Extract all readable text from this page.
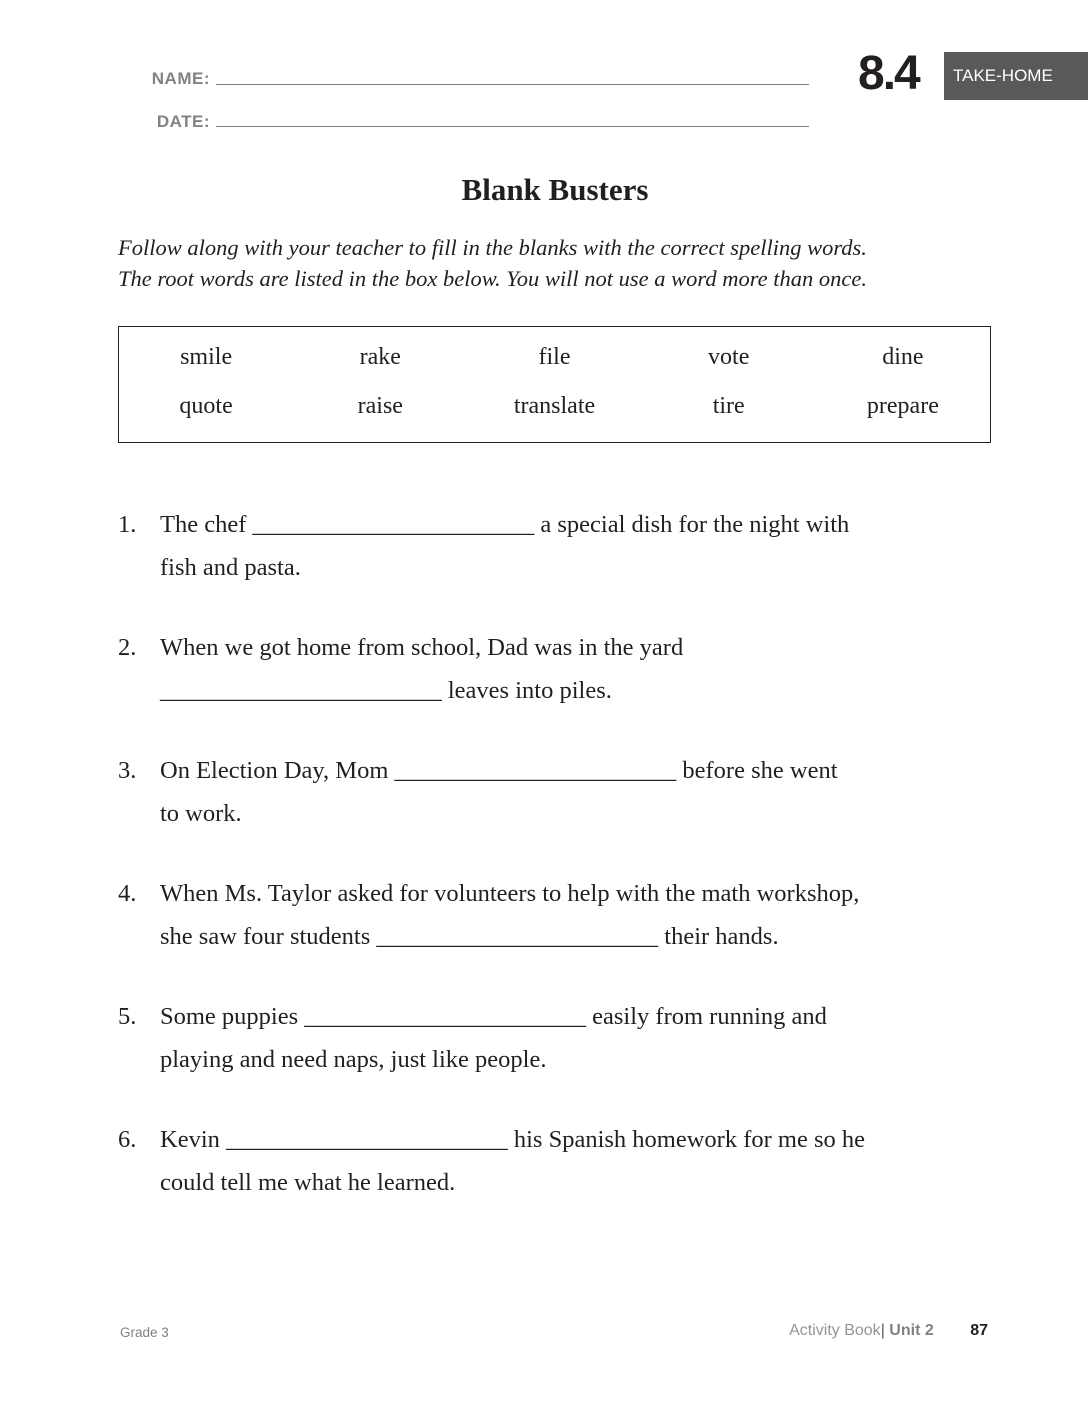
NAME:
DATE:
8.4	TAKE-HOME
Blank Busters
Follow along with your teacher to fill in the blanks with the correct spelling words.
The root words are listed in the box below. You will not use a word more than once.
smile	rake	file	vote	dine
quote	raise	translate	tire	prepare
1. The chef _______________________ a special dish for the night with
fish and pasta.
2. When we got home from school, Dad was in the yard
_______________________ leaves into piles.
3. On Election Day, Mom _______________________ before she went
to work.
4. When Ms. Taylor asked for volunteers to help with the math workshop,
she saw four students _______________________ their hands.
5. Some puppies _______________________ easily from running and
playing and need naps, just like people.
6. Kevin _______________________ his Spanish homework for me so he
could tell me what he learned.
Grade 3	Activity Book| Unit 2 87
